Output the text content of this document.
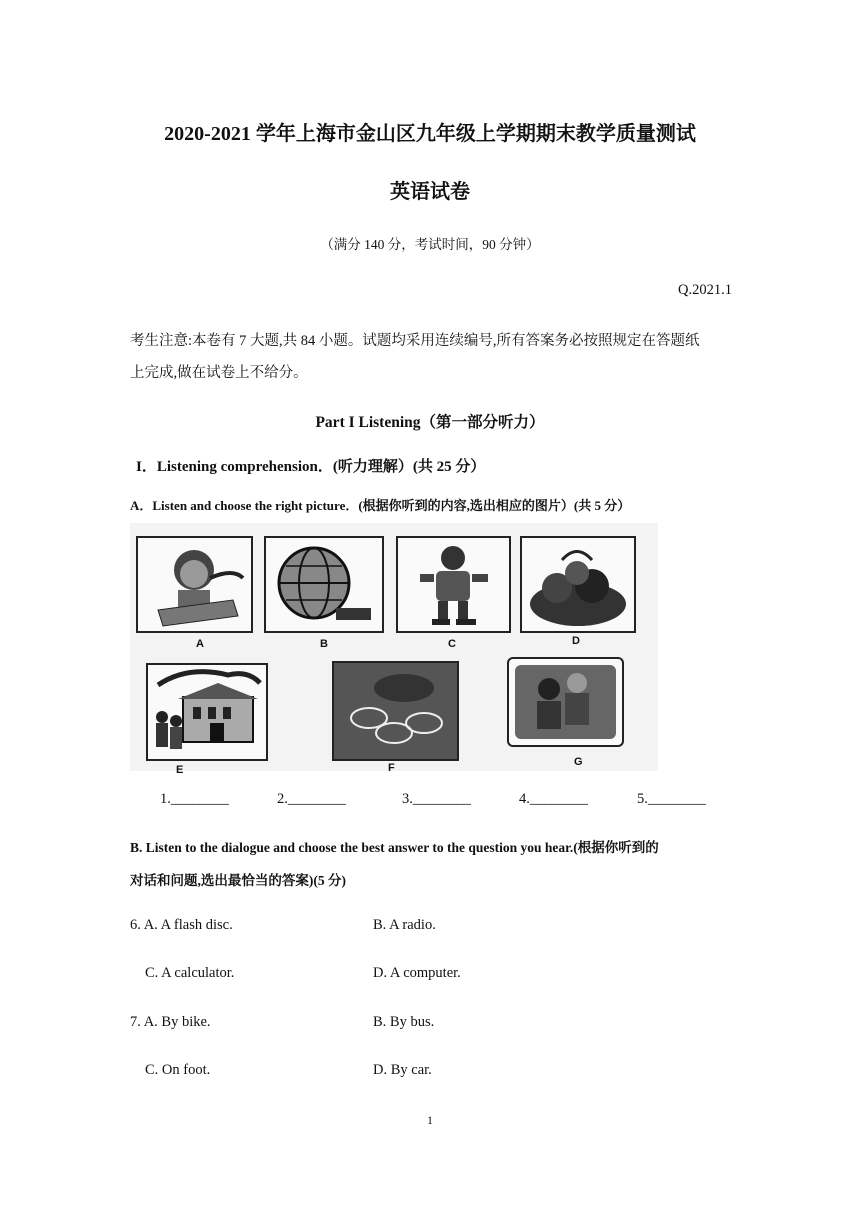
2020-2021 学年上海市金山区九年级上学期期末教学质量测试
英语试卷
（满分 140 分，考试时间，90 分钟）
Q.2021.1
考生注意:本卷有 7 大题,共 84 小题。试题均采用连续编号,所有答案务必按照规定在答题纸
上完成,做在试卷上不给分。
Part I Listening（第一部分听力）
I．Listening comprehension．(听力理解）(共 25 分）
A．Listen and choose the right picture．(根据你听到的内容,选出相应的图片）(共 5 分）
A	B	C	D
E	F	G
1.________	2.________	3.________	4.________	5.________
B. Listen to the dialogue and choose the best answer to the question you hear.(根据你听到的
对话和问题,选出最恰当的答案)(5 分)
6. A. A flash disc.	B. A radio.
C. A calculator.	D. A computer.
7. A. By bike.	B. By bus.
C. On foot.	D. By car.
1
